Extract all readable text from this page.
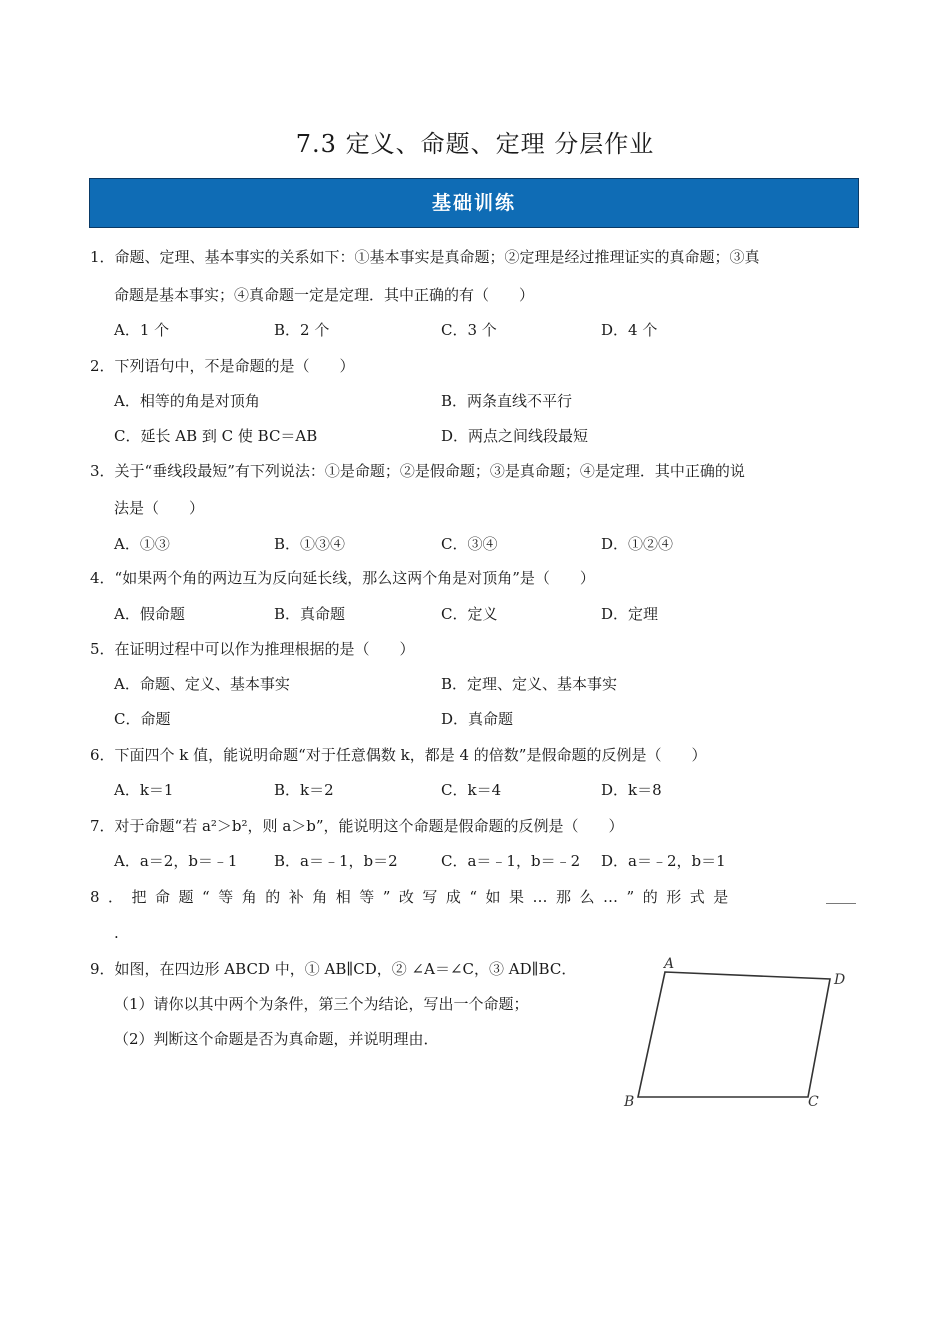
7.3 定义、命题、定理 分层作业
基础训练
1．命题、定理、基本事实的关系如下：①基本事实是真命题；②定理是经过推理证实的真命题；③真
命题是基本事实；④真命题一定是定理．其中正确的有（　　）
A．1 个	B．2 个	C．3 个	D．4 个
2．下列语句中，不是命题的是（　　）
A．相等的角是对顶角	B．两条直线不平行
C．延长 AB 到 C 使 BC＝AB	D．两点之间线段最短
3．关于“垂线段最短”有下列说法：①是命题；②是假命题；③是真命题；④是定理．其中正确的说
法是（　　）
A．①③	B．①③④	C．③④	D．①②④
4．“如果两个角的两边互为反向延长线，那么这两个角是对顶角”是（　　）
A．假命题	B．真命题	C．定义	D．定理
5．在证明过程中可以作为推理根据的是（　　）
A．命题、定义、基本事实	B．定理、定义、基本事实
C．命题	D．真命题
6．下面四个 k 值，能说明命题“对于任意偶数 k，都是 4 的倍数”是假命题的反例是（　　）
A．k＝1	B．k＝2	C．k＝4	D．k＝8
7．对于命题“若 a²＞b²，则 a＞b”，能说明这个命题是假命题的反例是（　　）
A．a＝2，b＝﹣1 B．a＝﹣1，b＝2	C．a＝﹣1，b＝﹣2 D．a＝﹣2，b＝1
8．把命题“等角的补角相等”改写成“如果…那么…”的形式是	____
.
9．如图，在四边形 ABCD 中，① AB∥CD，② ∠A＝∠C，③ AD∥BC．
（1）请你以其中两个为条件，第三个为结论，写出一个命题；
（2）判断这个命题是否为真命题，并说明理由．
A
D
B	C
